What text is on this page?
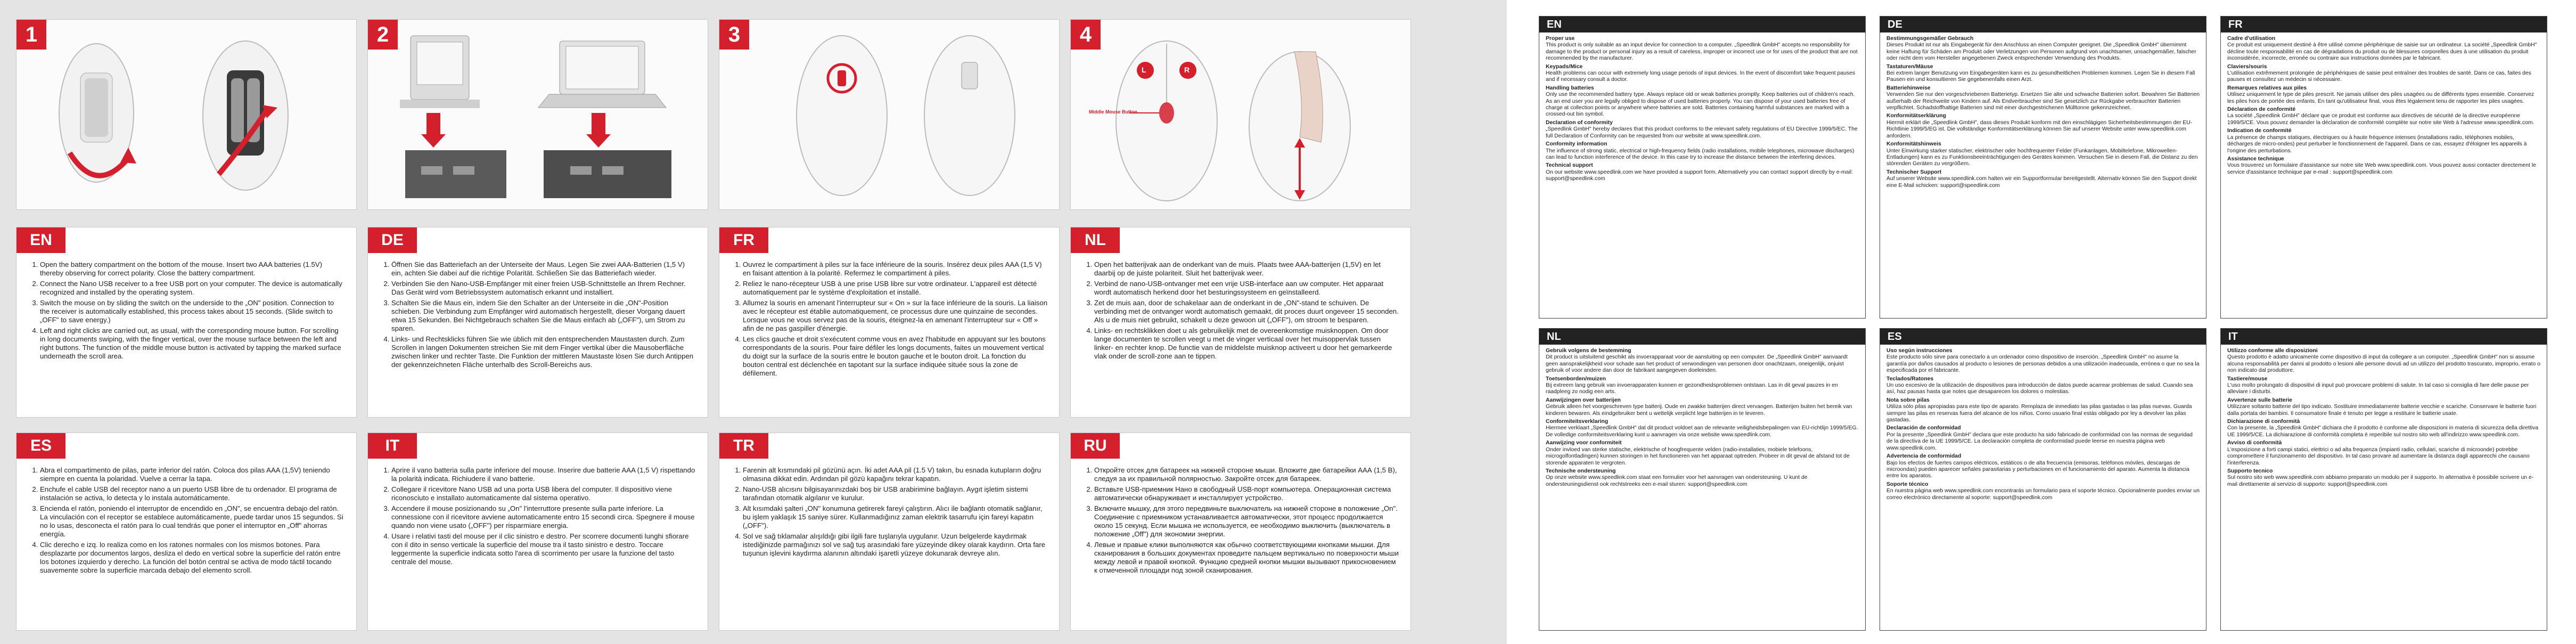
1	2	3	4
L	R
Middle Mouse Button
EN
1. Open the battery compartment on the bottom of the mouse. Insert two AAA batteries (1.5V) thereby observing for correct polarity. Close the battery compartment.
2. Connect the Nano USB receiver to a free USB port on your computer. The device is automatically recognized and installed by the operating system.
3. Switch the mouse on by sliding the switch on the underside to the „ON" position. Connection to the receiver is automatically established, this process takes about 15 seconds. (Slide switch to „OFF" to save energy.)
4. Left and right clicks are carried out, as usual, with the corresponding mouse button. For scrolling in long documents swiping, with the finger vertical, over the mouse surface between the left and right buttons. The function of the middle mouse button is activated by tapping the marked surface underneath the scroll area.
DE
1. Öffnen Sie das Batteriefach an der Unterseite der Maus. Legen Sie zwei AAA-Batterien (1,5 V) ein, achten Sie dabei auf die richtige Polarität. Schließen Sie das Batteriefach wieder.
2. Verbinden Sie den Nano-USB-Empfänger mit einer freien USB-Schnittstelle an Ihrem Rechner. Das Gerät wird vom Betriebssystem automatisch erkannt und installiert.
3. Schalten Sie die Maus ein, indem Sie den Schalter an der Unterseite in die „ON"-Position schieben. Die Verbindung zum Empfänger wird automatisch hergestellt, dieser Vorgang dauert etwa 15 Sekunden. Bei Nichtgebrauch schalten Sie die Maus einfach ab („OFF"), um Strom zu sparen.
4. Links- und Rechtsklicks führen Sie wie üblich mit den entsprechenden Maustasten durch. Zum Scrollen in langen Dokumenten streichen Sie mit dem Finger vertikal über die Mausoberfläche zwischen linker und rechter Taste. Die Funktion der mittleren Maustaste lösen Sie durch Antippen der gekennzeichneten Fläche unterhalb des Scroll-Bereichs aus.
FR
1. Ouvrez le compartiment à piles sur la face inférieure de la souris. Insérez deux piles AAA (1,5 V) en faisant attention à la polarité. Refermez le compartiment à piles.
2. Reliez le nano-récepteur USB à une prise USB libre sur votre ordinateur. L'appareil est détecté automatiquement par le système d'exploitation et installé.
3. Allumez la souris en amenant l'interrupteur sur « On » sur la face inférieure de la souris. La liaison avec le récepteur est établie automatiquement, ce processus dure une quinzaine de secondes. Lorsque vous ne vous servez pas de la souris, éteignez-la en amenant l'interrupteur sur « Off » afin de ne pas gaspiller d'énergie.
4. Les clics gauche et droit s'exécutent comme vous en avez l'habitude en appuyant sur les boutons correspondants de la souris. Pour faire défiler les longs documents, faites un mouvement vertical du doigt sur la surface de la souris entre le bouton gauche et le bouton droit. La fonction du bouton central est déclenchée en tapotant sur la surface indiquée située sous la zone de défilement.
NL
1. Open het batterijvak aan de onderkant van de muis. Plaats twee AAA-batterijen (1,5V) en let daarbij op de juiste polariteit. Sluit het batterijvak weer.
2. Verbind de nano-USB-ontvanger met een vrije USB-interface aan uw computer. Het apparaat wordt automatisch herkend door het besturingssysteem en geïnstalleerd.
3. Zet de muis aan, door de schakelaar aan de onderkant in de „ON"-stand te schuiven. De verbinding met de ontvanger wordt automatisch gemaakt, dit proces duurt ongeveer 15 seconden. Als u de muis niet gebruikt, schakelt u deze gewoon uit („OFF"), om stroom te besparen.
4. Links- en rechtsklikken doet u als gebruikelijk met de overeenkomstige muisknoppen. Om door lange documenten te scrollen veegt u met de vinger verticaal over het muisoppervlak tussen linker- en rechter knop. De functie van de middelste muisknop activeert u door het gemarkeerde vlak onder de scroll-zone aan te tippen.
ES
1. Abra el compartimento de pilas, parte inferior del ratón. Coloca dos pilas AAA (1,5V) teniendo siempre en cuenta la polaridad. Vuelve a cerrar la tapa.
2. Enchufe el cable USB del receptor nano a un puerto USB libre de tu ordenador. El programa de instalación se activa, lo detecta y lo instala automáticamente.
3. Encienda el ratón, poniendo el interruptor de encendido en „ON", se encuentra debajo del ratón. La vinculación con el receptor se establece automáticamente, puede tardar unos 15 segundos. Si no lo usas, desconecta el ratón para lo cual tendrás que poner el interruptor en „Off" ahorras energía.
4. Clic derecho e izq. lo realiza como en los ratones normales con los mismos botones. Para desplazarte por documentos largos, desliza el dedo en vertical sobre la superficie del ratón entre los botones izquierdo y derecho. La función del botón central se activa de modo táctil tocando suavemente sobre la superficie marcada debajo del elemento scroll.
IT
1. Aprire il vano batteria sulla parte inferiore del mouse. Inserire due batterie AAA (1,5 V) rispettando la polarità indicata. Richiudere il vano batterie.
2. Collegare il ricevitore Nano USB ad una porta USB libera del computer. Il dispositivo viene riconosciuto e installato automaticamente dal sistema operativo.
3. Accendere il mouse posizionando su „On" l'interruttore presente sulla parte inferiore. La connessione con il ricevitore avviene automaticamente entro 15 secondi circa. Spegnere il mouse quando non viene usato („OFF") per risparmiare energia.
4. Usare i relativi tasti del mouse per il clic sinistro e destro. Per scorrere documenti lunghi sfiorare con il dito in senso verticale la superficie del mouse tra il tasto sinistro e destro. Toccare leggermente la superficie indicata sotto l'area di scorrimento per usare la funzione del tasto centrale del mouse.
TR
1. Farenin alt kısmındaki pil gözünü açın. İki adet AAA pil (1.5 V) takın, bu esnada kutupların doğru olmasına dikkat edin. Ardından pil gözü kapağını tekrar kapatın.
2. Nano-USB alıcısını bilgisayarınızdaki boş bir USB arabirimine bağlayın. Aygıt işletim sistemi tarafından otomatik algılanır ve kurulur.
3. Alt kısımdaki şalteri „ON" konumuna getirerek fareyi çalıştırın. Alıcı ile bağlantı otomatik sağlanır, bu işlem yaklaşık 15 saniye sürer. Kullanmadığınız zaman elektrik tasarrufu için fareyi kapatın („OFF").
4. Sol ve sağ tıklamalar alışıldığı gibi ilgili fare tuşlarıyla uygulanır. Uzun belgelerde kaydırmak istediğinizde parmağınızı sol ve sağ tuş arasındaki fare yüzeyinde dikey olarak kaydırın. Orta fare tuşunun işlevini kaydırma alanının altındaki işaretli yüzeye dokunarak devreye alın.
RU
1. Откройте отсек для батареек на нижней стороне мыши. Вложите две батарейки ААА (1,5 В), следуя за их правильной полярностью. Закройте отсек для батареек.
2. Вставьте USB-приемник Нано в свободный USB-порт компьютера. Операционная система автоматически обнаруживает и инсталлирует устройство.
3. Включите мышку, для этого передвиньте выключатель на нижней стороне в положение „On". Соединение с приемником устанавливается автоматически, этот процесс продолжается около 15 секунд. Если мышка не используется, ее необходимо выключить (выключатель в положение „Off") для экономии энергии.
4. Левые и правые клики выполняются как обычно соответствующими кнопками мышки. Для сканирования в больших документах проведите пальцем вертикально по поверхности мыши между левой и правой кнопкой. Функцию средней кнопки мышки вызывают прикосновением к отмеченной площади под зоной сканирования.
EN
Proper use
This product is only suitable as an input device for connection to a computer. „Speedlink GmbH" accepts no responsibility for damage to the product or personal injury as a result of careless, improper or incorrect use or for uses of the product that are not recommended by the manufacturer.
Keypads/Mice
Health problems can occur with extremely long usage periods of input devices. In the event of discomfort take frequent pauses and if necessary consult a doctor.
Handling batteries
Only use the recommended battery type. Always replace old or weak batteries promptly. Keep batteries out of children's reach. As an end user you are legally obliged to dispose of used batteries properly. You can dispose of your used batteries free of charge at collection points or anywhere where batteries are sold. Batteries containing harmful substances are marked with a crossed-out bin symbol.
Declaration of conformity
„Speedlink GmbH" hereby declares that this product conforms to the relevant safety regulations of EU Directive 1999/5/EC. The full Declaration of Conformity can be requested from our website at www.speedlink.com.
Conformity information
The influence of strong static, electrical or high-frequency fields (radio installations, mobile telephones, microwave discharges) can lead to function interference of the device. In this case try to increase the distance between the interfering devices.
Technical support
On our website www.speedlink.com we have provided a support form. Alternatively you can contact support directly by e-mail: support@speedlink.com
DE
Bestimmungsgemäßer Gebrauch
Dieses Produkt ist nur als Eingabegerät für den Anschluss an einen Computer geeignet. Die „Speedlink GmbH" übernimmt keine Haftung für Schäden am Produkt oder Verletzungen von Personen aufgrund von unachtsamer, unsachgemäßer, falscher oder nicht dem vom Hersteller angegebenen Zweck entsprechender Verwendung des Produkts.
Tastaturen/Mäuse
Bei extrem langer Benutzung von Eingabegeräten kann es zu gesundheitlichen Problemen kommen. Legen Sie in diesem Fall Pausen ein und konsultieren Sie gegebenenfalls einen Arzt.
Batteriehinweise
Verwenden Sie nur den vorgeschriebenen Batterietyp. Ersetzen Sie alte und schwache Batterien sofort. Bewahren Sie Batterien außerhalb der Reichweite von Kindern auf. Als Endverbraucher sind Sie gesetzlich zur Rückgabe verbrauchter Batterien verpflichtet. Schadstoffhaltige Batterien sind mit einer durchgestrichenen Mülltonne gekennzeichnet.
Konformitätserklärung
Hiermit erklärt die „Speedlink GmbH", dass dieses Produkt konform mit den einschlägigen Sicherheitsbestimmungen der EU-Richtlinie 1999/5/EG ist. Die vollständige Konformitätserklärung können Sie auf unserer Website unter www.speedlink.com anfordern.
Konformitätshinweis
Unter Einwirkung starker statischer, elektrischer oder hochfrequenter Felder (Funkanlagen, Mobiltelefone, Mikrowellen-Entladungen) kann es zu Funktionsbeeinträchtigungen des Gerätes kommen. Versuchen Sie in diesem Fall, die Distanz zu den störenden Geräten zu vergrößern.
Technischer Support
Auf unserer Website www.speedlink.com halten wir ein Supportformular bereitgestellt. Alternativ können Sie den Support direkt eine E-Mail schicken: support@speedlink.com
FR
Cadre d'utilisation
Ce produit est uniquement destiné à être utilisé comme périphérique de saisie sur un ordinateur. La société „Speedlink GmbH" décline toute responsabilité en cas de dégradations du produit ou de blessures corporelles dues à une utilisation du produit inconsidérée, incorrecte, erronée ou contraire aux instructions données par le fabricant.
Claviers/souris
L'utilisation extrêmement prolongée de périphériques de saisie peut entraîner des troubles de santé. Dans ce cas, faites des pauses et consultez un médecin si nécessaire.
Remarques relatives aux piles
Utilisez uniquement le type de piles prescrit. Ne jamais utiliser des piles usagées ou de différents types ensemble. Conservez les piles hors de portée des enfants. En tant qu'utilisateur final, vous êtes légalement tenu de rapporter les piles usagées.
Déclaration de conformité
La société „Speedlink GmbH" déclare que ce produit est conforme aux directives de sécurité de la directive européenne 1999/5/CE. Vous pouvez demander la déclaration de conformité complète sur notre site Web à l'adresse www.speedlink.com.
Indication de conformité
La présence de champs statiques, électriques ou à haute fréquence intenses (installations radio, téléphones mobiles, décharges de micro-ondes) peut perturber le fonctionnement de l'appareil. Dans ce cas, essayez d'éloigner les appareils à l'origine des perturbations.
Assistance technique
Vous trouverez un formulaire d'assistance sur notre site Web www.speedlink.com. Vous pouvez aussi contacter directement le service d'assistance technique par e-mail : support@speedlink.com
NL
Gebruik volgens de bestemming
Dit product is uitsluitend geschikt als invoerapparaat voor de aansluiting op een computer. De „Speedlink GmbH" aanvaardt geen aansprakelijkheid voor schade aan het product of verwondingen van personen door onachtzaam, oneigenlijk, onjuist gebruik of voor andere dan door de fabrikant aangegeven doeleinden.
Toetsenborden/muizen
Bij extreem lang gebruik van invoerapparaten kunnen er gezondheidsproblemen ontstaan. Las in dit geval pauzes in en raadpleeg zo nodig een arts.
Aanwijzingen over batterijen
Gebruik alleen het voorgeschreven type batterij. Oude en zwakke batterijen direct vervangen. Batterijen buiten het bereik van kinderen bewaren. Als eindgebruiker bent u wettelijk verplicht lege batterijen in te leveren.
Conformiteitsverklaring
Hiermee verklaart „Speedlink GmbH" dat dit product voldoet aan de relevante veiligheidsbepalingen van EU-richtlijn 1999/5/EG. De volledige conformiteitsverklaring kunt u aanvragen via onze website www.speedlink.com.
Aanwijzing voor conformiteit
Onder invloed van sterke statische, elektrische of hoogfrequente velden (radio-installaties, mobiele telefoons, microgolfontladingen) kunnen storingen in het functioneren van het apparaat optreden. Probeer in dit geval de afstand tot de storende apparaten te vergroten.
Technische ondersteuning
Op onze website www.speedlink.com staat een formulier voor het aanvragen van ondersteuning. U kunt de ondersteuningsdienst ook rechtstreeks een e-mail sturen: support@speedlink.com
ES
Uso según instrucciones
Este producto sólo sirve para conectarlo a un ordenador como dispositivo de inserción. „Speedlink GmbH" no asume la garantía por daños causados al producto o lesiones de personas debidos a una utilización inadecuada, errónea o que no sea la especificada por el fabricante.
Teclados/Ratones
Un uso excesivo de la utilización de dispositivos para introducción de datos puede acarrear problemas de salud. Cuando sea así, haz pausas hasta que notes que desaparecen los dolores o molestias.
Nota sobre pilas
Utiliza sólo pilas apropiadas para este tipo de aparato. Remplaza de inmediato las pilas gastadas o las pilas nuevas. Guarda siempre las pilas en reservas fuera del alcance de los niños. Como usuario final estás obligado por ley a devolver las pilas gastadas.
Declaración de conformidad
Por la presente „Speedlink GmbH" declara que este producto ha sido fabricado de conformidad con las normas de seguridad de la directiva de la UE 1999/5/CE. La declaración completa de conformidad puede leerse en nuestra página web www.speedlink.com.
Advertencia de conformidad
Bajo los efectos de fuertes campos eléctricos, estáticos o de alta frecuencia (emisoras, teléfonos móviles, descargas de microondas) pueden aparecer señales parasitarias y perturbaciones en el funcionamiento del aparato. Aumenta la distancia entre los aparatos.
Soporte técnico
En nuestra página web www.speedlink.com encontrarás un formulario para el soporte técnico. Opcionalmente puedes enviar un correo electrónico directamente al soporte: support@speedlink.com
IT
Utilizzo conforme alle disposizioni
Questo prodotto è adatto unicamente come dispositivo di input da collegare a un computer. „Speedlink GmbH" non si assume alcuna responsabilità per danni al prodotto o lesioni alle persone dovuti ad un utilizzo del prodotto trascurato, improprio, errato o non indicato dal produttore.
Tastiere/mouse
L'uso molto prolungato di dispositivi di input può provocare problemi di salute. In tal caso si consiglia di fare delle pause per alleviare i disturbi.
Avvertenze sulle batterie
Utilizzare soltanto batterie del tipo indicato. Sostituire immediatamente batterie vecchie e scariche. Conservare le batterie fuori dalla portata dei bambini. Il consumatore finale è tenuto per legge a restituire le batterie usate.
Dichiarazione di conformità
Con la presente, la „Speedlink GmbH" dichiara che il prodotto è conforme alle disposizioni in materia di sicurezza della direttiva UE 1999/5/CE. La dichiarazione di conformità completa è reperibile sul nostro sito web all'indirizzo www.speedlink.com.
Avviso di conformità
L'esposizione a forti campi statici, elettrici o ad alta frequenza (impianti radio, cellulari, scariche di microonde) potrebbe compromettere il funzionamento del dispositivo. In tal caso provare ad aumentare la distanza dagli apparecchi che causano l'interferenza.
Supporto tecnico
Sul nostro sito web www.speedlink.com abbiamo preparato un modulo per il supporto. In alternativa è possibile scrivere un e-mail direttamente al servizio di supporto: support@speedlink.com
